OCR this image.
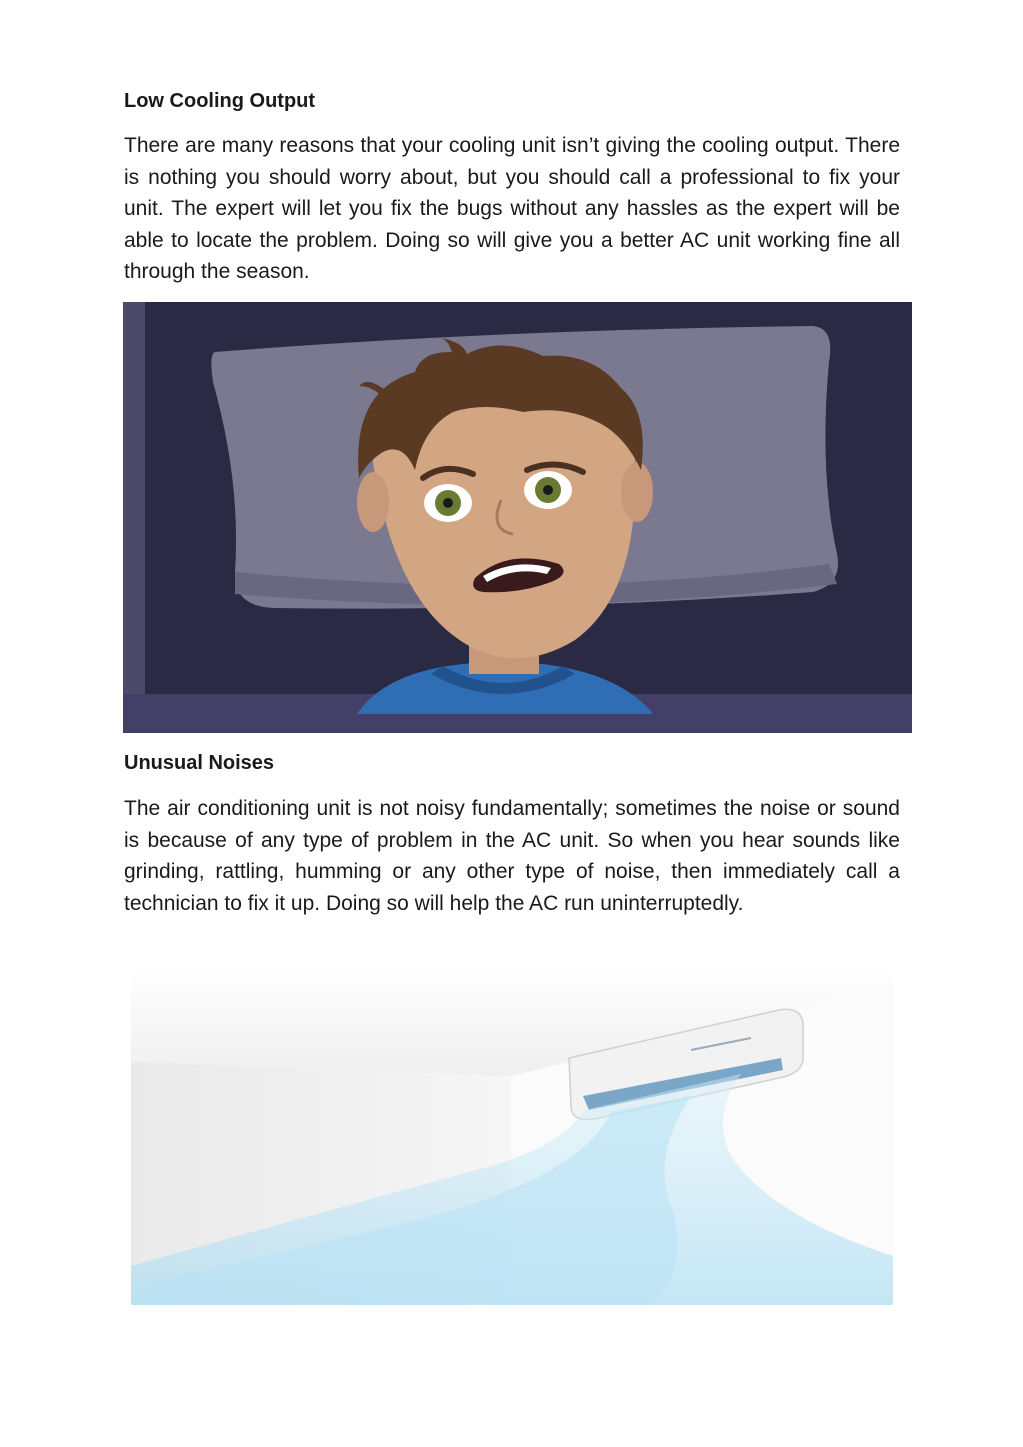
Low Cooling Output

There are many reasons that your cooling unit isn’t giving the cooling output. There is nothing you should worry about, but you should call a professional to fix your unit. The expert will let you fix the bugs without any hassles as the expert will be able to locate the problem. Doing so will give you a better AC unit working fine all through the season.

Unusual Noises

The air conditioning unit is not noisy fundamentally; sometimes the noise or sound is because of any type of problem in the AC unit. So when you hear sounds like grinding, rattling, humming or any other type of noise, then immediately call a technician to fix it up. Doing so will help the AC run uninterruptedly.
